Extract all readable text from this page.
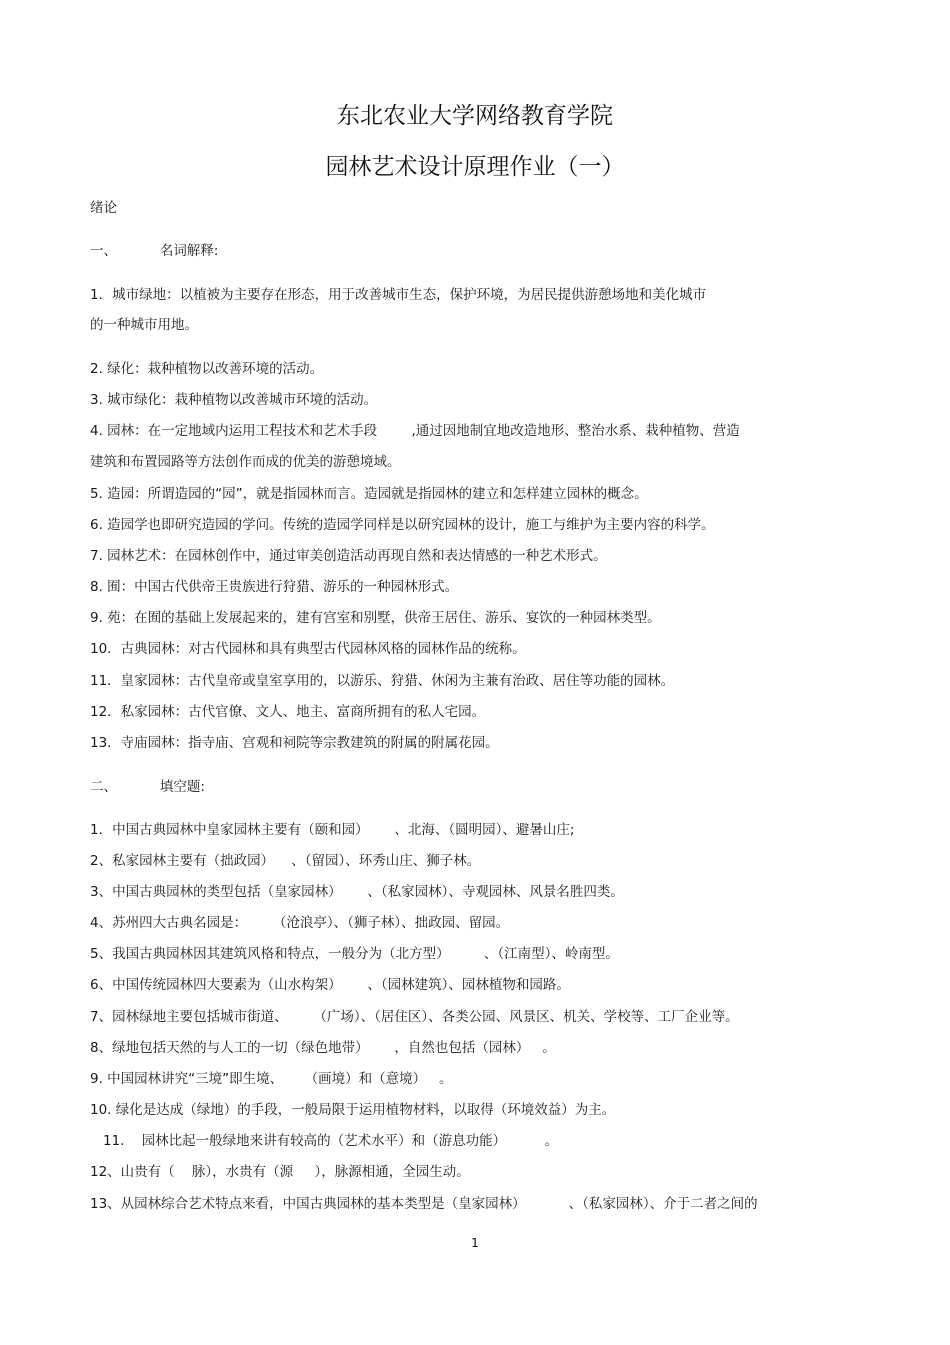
东北农业大学网络教育学院
园林艺术设计原理作业（一）
绪论
一、          名词解释:
1．城市绿地：以植被为主要存在形态，用于改善城市生态，保护环境，为居民提供游憩场地和美化城市
的一种城市用地。
2. 绿化：栽种植物以改善环境的活动。
3. 城市绿化：栽种植物以改善城市环境的活动。
4. 园林：在一定地域内运用工程技术和艺术手段        ,通过因地制宜地改造地形、整治水系、栽种植物、营造
建筑和布置园路等方法创作而成的优美的游憩境域。
5. 造园：所谓造园的“园”，就是指园林而言。造园就是指园林的建立和怎样建立园林的概念。
6. 造园学也即研究造园的学问。传统的造园学同样是以研究园林的设计，施工与维护为主要内容的科学。
7. 园林艺术：在园林创作中，通过审美创造活动再现自然和表达情感的一种艺术形式。
8. 囿：中国古代供帝王贵族进行狩猎、游乐的一种园林形式。
9. 苑：在囿的基础上发展起来的，建有宫室和别墅，供帝王居住、游乐、宴饮的一种园林类型。
10．古典园林：对古代园林和具有典型古代园林风格的园林作品的统称。
11．皇家园林：古代皇帝或皇室享用的，以游乐、狩猎、休闲为主兼有治政、居住等功能的园林。
12．私家园林：古代官僚、文人、地主、富商所拥有的私人宅园。
13．寺庙园林：指寺庙、宫观和祠院等宗教建筑的附属的附属花园。
二、          填空题:
1．中国古典园林中皇家园林主要有（颐和园）      、北海、（圆明园）、避暑山庄;
2、私家园林主要有（拙政园）    、（留园）、环秀山庄、狮子林。
3、中国古典园林的类型包括（皇家园林）      、（私家园林）、寺观园林、风景名胜四类。
4、苏州四大古典名园是：      （沧浪亭）、（狮子林）、拙政园、留园。
5、我国古典园林因其建筑风格和特点，一般分为（北方型）        、（江南型）、岭南型。
6、中国传统园林四大要素为（山水构架）      、（园林建筑）、园林植物和园路。
7、园林绿地主要包括城市街道、      （广场）、（居住区）、各类公园、风景区、机关、学校等、工厂企业等。
8、绿地包括天然的与人工的一切（绿色地带）      ，自然也包括（园林）   。
9. 中国园林讲究“三境”即生境、     （画境）和（意境）   。
10. 绿化是达成（绿地）的手段，一般局限于运用植物材料，以取得（环境效益）为主。
11.    园林比起一般绿地来讲有较高的（艺术水平）和（游息功能）         。
12、山贵有（    脉），水贵有（源     ），脉源相通，全园生动。
13、从园林综合艺术特点来看，中国古典园林的基本类型是（皇家园林）          、（私家园林）、介于二者之间的
1
